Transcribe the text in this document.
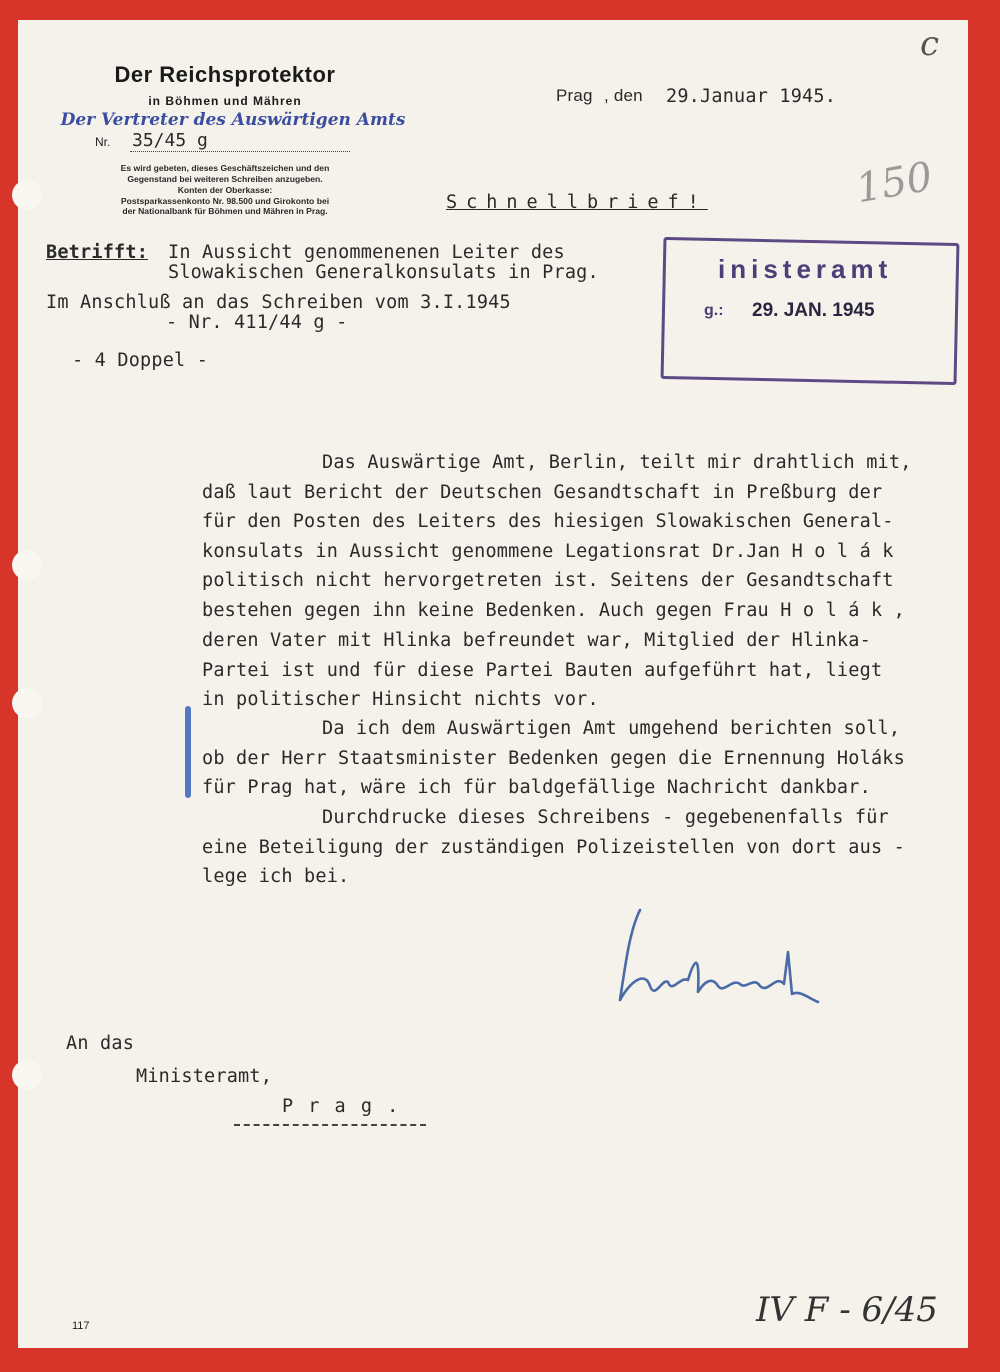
Der Reichsprotektor
in Böhmen und Mähren
Der Vertreter des Auswärtigen Amts
Nr. 35/45 g
Es wird gebeten, dieses Geschäftszeichen und den
Gegenstand bei weiteren Schreiben anzugeben.
Konten der Oberkasse:
Postsparkassenkonto Nr. 98.500 und Girokonto bei
der Nationalbank für Böhmen und Mähren in Prag.
Prag , den 29.Januar 1945.
Schnellbrief!
Betrifft: In Aussicht genommenenen Leiter des
Slowakischen Generalkonsulats in Prag.
Im Anschluß an das Schreiben vom 3.I.1945
- Nr. 411/44 g -
- 4 Doppel -
inisteramt
g.: 29. JAN. 1945
Das Auswärtige Amt, Berlin, teilt mir drahtlich mit,
daß laut Bericht der Deutschen Gesandtschaft in Preßburg der
für den Posten des Leiters des hiesigen Slowakischen General-
konsulats in Aussicht genommene Legationsrat Dr.Jan H o l á k
politisch nicht hervorgetreten ist. Seitens der Gesandtschaft
bestehen gegen ihn keine Bedenken. Auch gegen Frau H o l á k ,
deren Vater mit Hlinka befreundet war, Mitglied der Hlinka-
Partei ist und für diese Partei Bauten aufgeführt hat, liegt
in politischer Hinsicht nichts vor.
Da ich dem Auswärtigen Amt umgehend berichten soll,
ob der Herr Staatsminister Bedenken gegen die Ernennung Holáks
für Prag hat, wäre ich für baldgefällige Nachricht dankbar.
Durchdrucke dieses Schreibens - gegebenenfalls für
eine Beteiligung der zuständigen Polizeistellen von dort aus -
lege ich bei.
An das
Ministeramt,
P r a g .
c
150
IV F - 6/45
117
